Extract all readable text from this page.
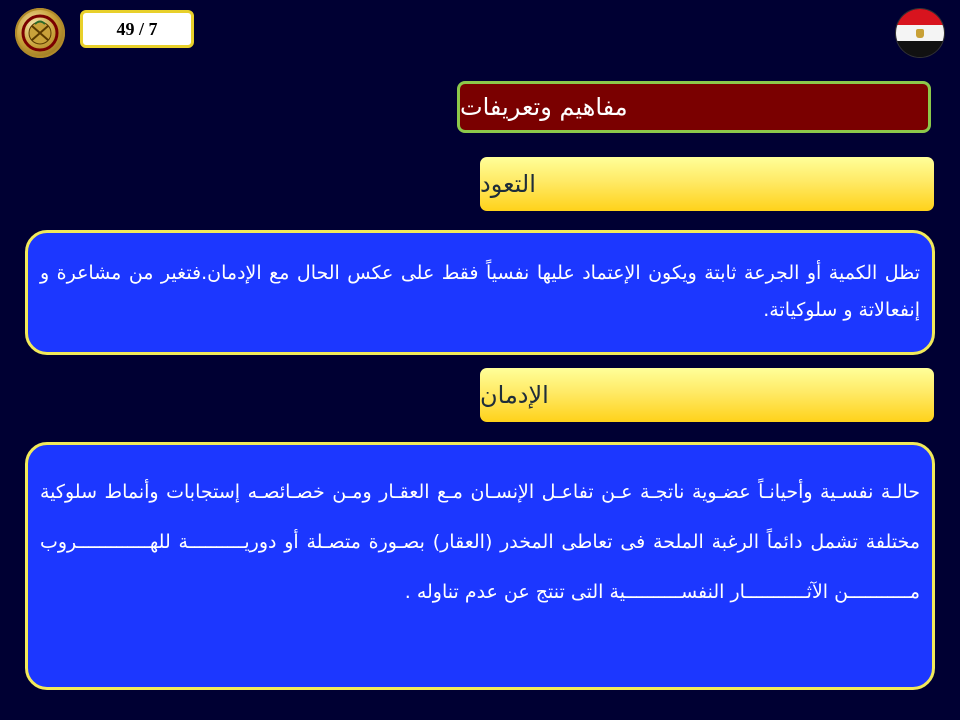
49 / 7
مفاهيم وتعريفات
التعود

تظل الكمية أو الجرعة ثابتة ويكون الإعتماد عليها نفسياً فقط على عكس الحال مع الإدمان.فتغير من مشاعرة و إنفعالاتة و سلوكياتة.

الإدمان

حالـة نفسـية وأحيانـاً عضـوية ناتجـة عـن تفاعـل الإنسـان مـع العقـار ومـن خصـائصـه إستجابات وأنماط سلوكية مختلفة تشمل دائماً الرغبة الملحة فى تعاطى المخدر (العقار) بصـورة متصـلة أو دوريــــــــــة للهـــــــــــــروب مـــــــــــن الآثـــــــــــار النفســــــــــية التى تنتج عن عدم تناوله .
